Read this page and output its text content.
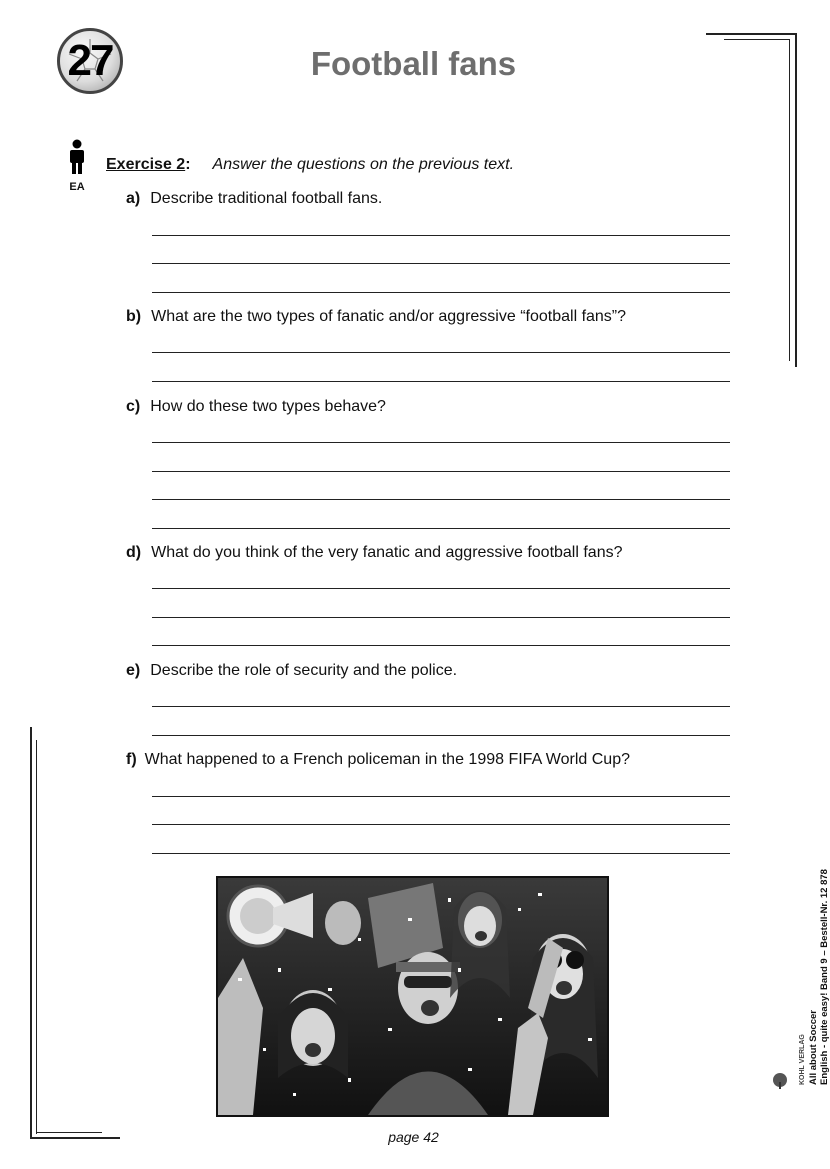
27	Football fans
EA
Exercise 2: Answer the questions on the previous text.
a) Describe traditional football fans.
b) What are the two types of fanatic and/or aggressive “football fans”?
c) How do these two types behave?
d) What do you think of the very fanatic and aggressive football fans?
e) Describe the role of security and the police.
f) What happened to a French policeman in the 1998 FIFA World Cup?
page 42
KOHL VERLAG All about Soccer English - quite easy! Band 9 – Bestell-Nr. 12 878
